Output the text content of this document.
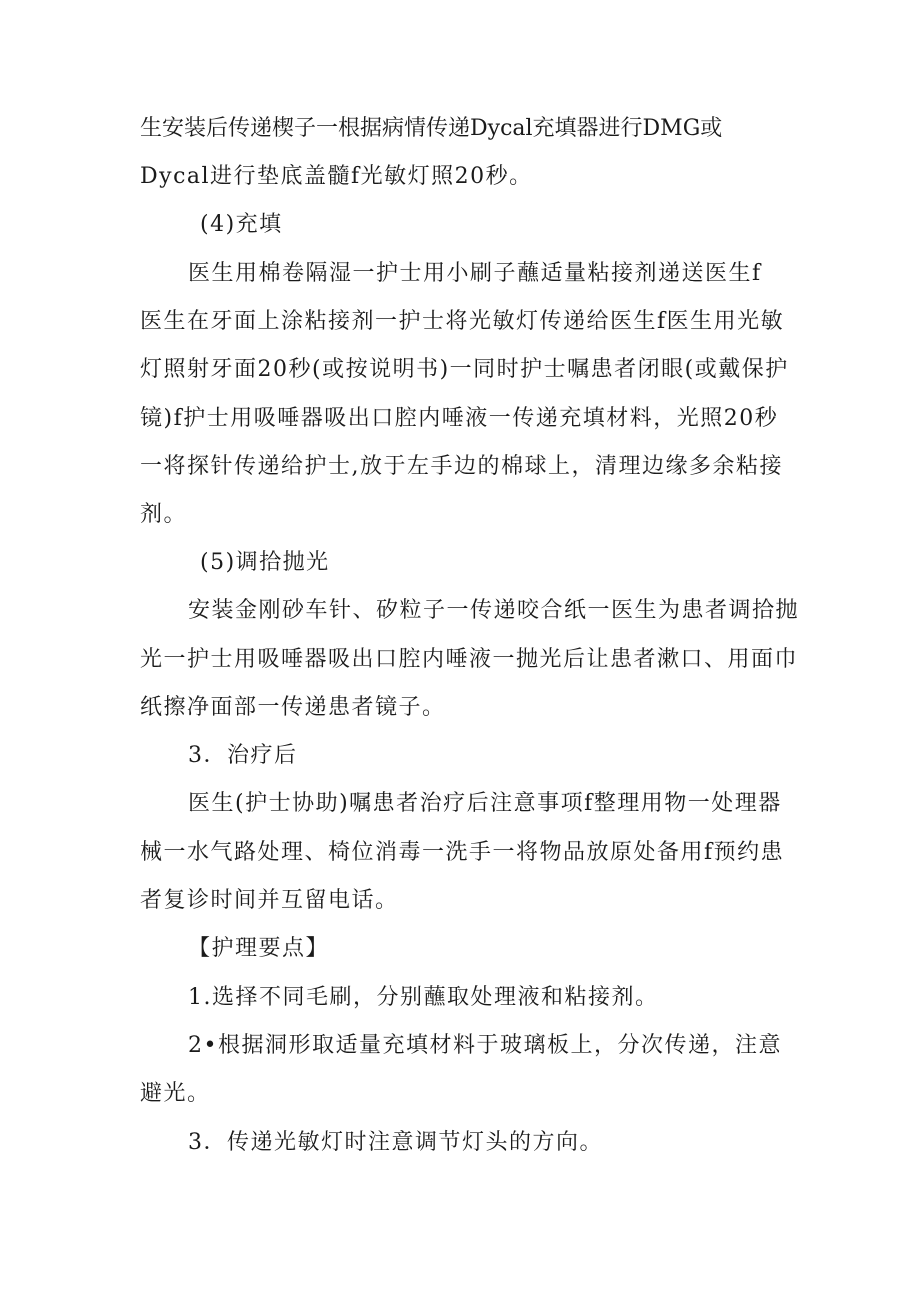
生安装后传递楔子一根据病情传递Dycal充填器进行DMG或
Dycal进行垫底盖髓f光敏灯照20秒。
(4)充填
医生用棉卷隔湿一护士用小刷子蘸适量粘接剂递送医生f
医生在牙面上涂粘接剂一护士将光敏灯传递给医生f医生用光敏
灯照射牙面20秒(或按说明书)一同时护士嘱患者闭眼(或戴保护
镜)f护士用吸唾器吸出口腔内唾液一传递充填材料，光照20秒
一将探针传递给护士,放于左手边的棉球上，清理边缘多余粘接
剂。
(5)调拾抛光
安装金刚砂车针、矽粒子一传递咬合纸一医生为患者调拾抛
光一护士用吸唾器吸出口腔内唾液一抛光后让患者漱口、用面巾
纸擦净面部一传递患者镜子。
3．治疗后
医生(护士协助)嘱患者治疗后注意事项f整理用物一处理器
械一水气路处理、椅位消毒一洗手一将物品放原处备用f预约患
者复诊时间并互留电话。
【护理要点】
1.选择不同毛刷，分别蘸取处理液和粘接剂。
2•根据洞形取适量充填材料于玻璃板上，分次传递，注意
避光。
3．传递光敏灯时注意调节灯头的方向。
